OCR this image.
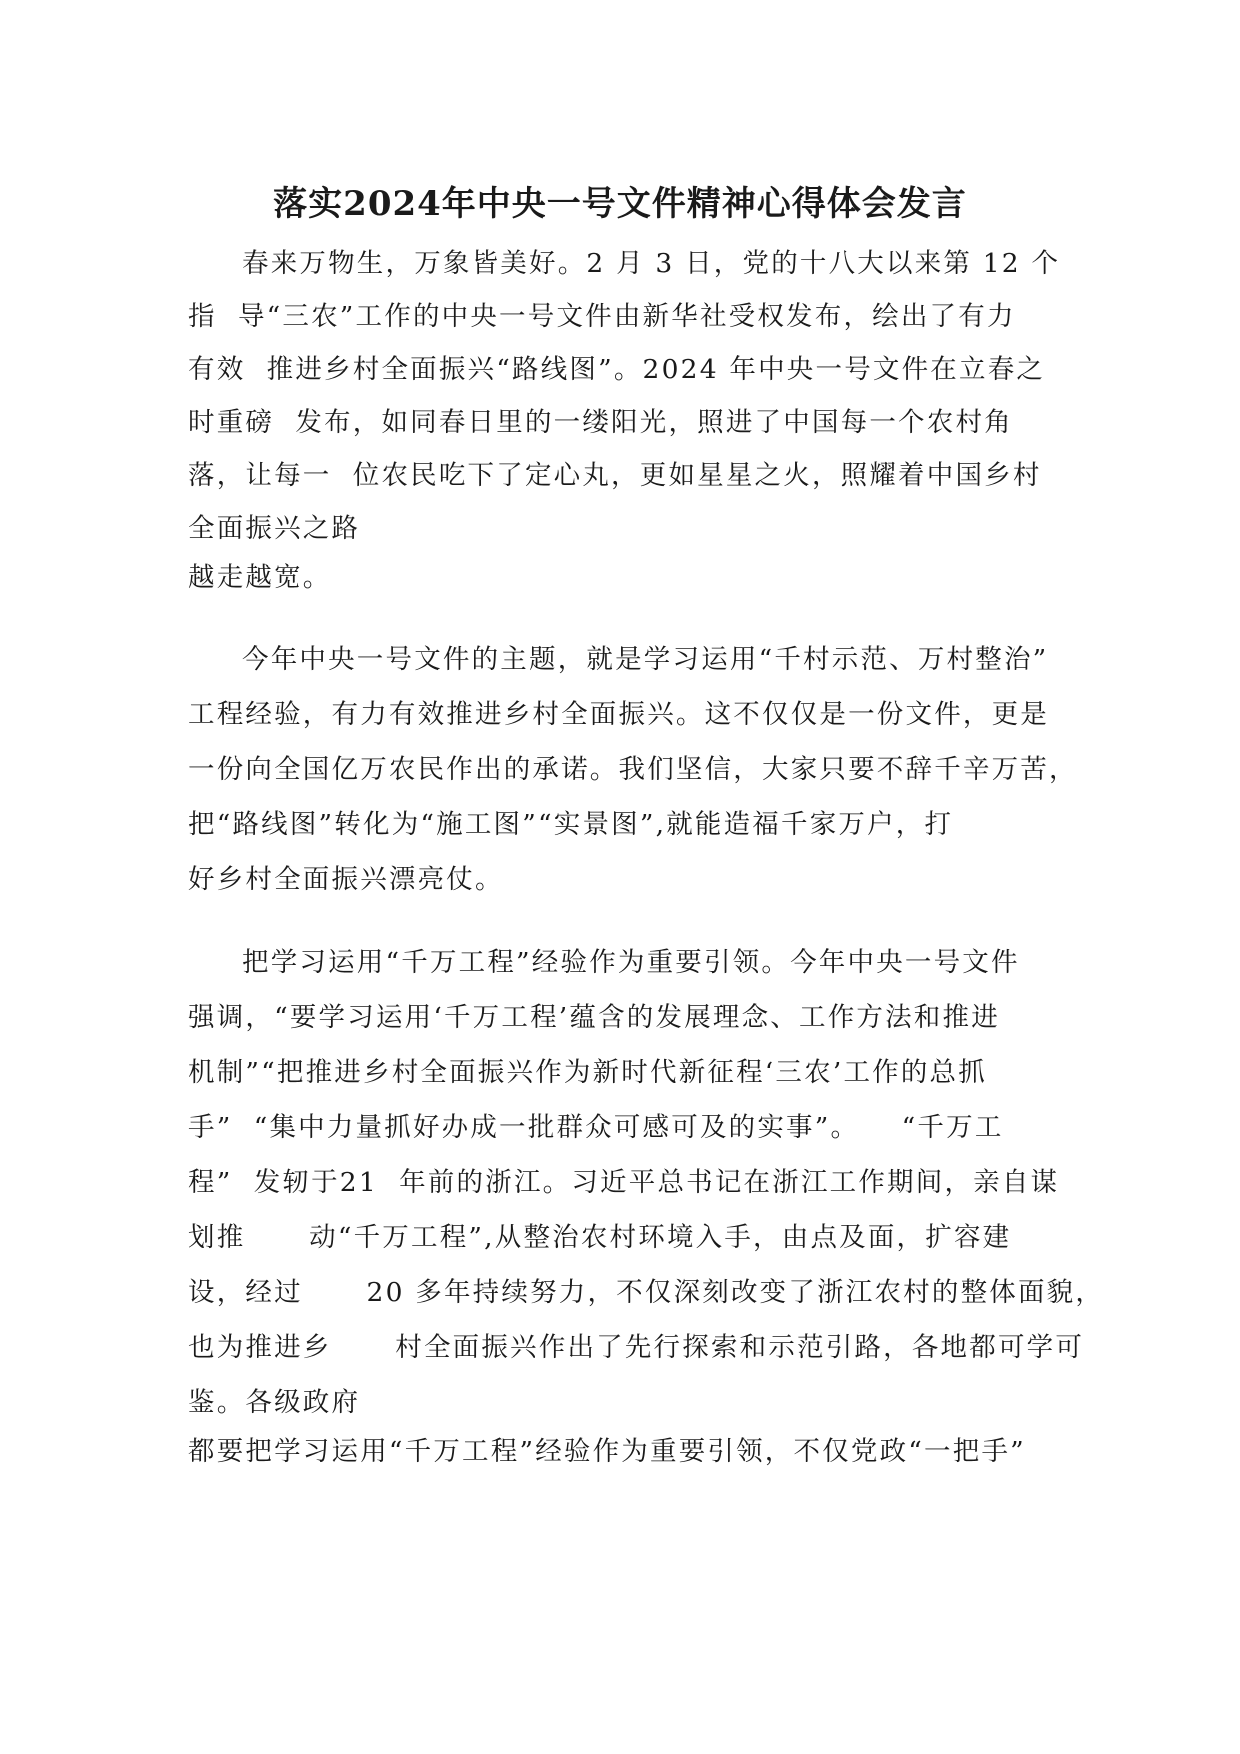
落实2024年中央一号文件精神心得体会发言

春来万物生，万象皆美好。2 月 3 日，党的十八大以来第 12 个

指  导“三农”工作的中央一号文件由新华社受权发布，绘出了有力

有效  推进乡村全面振兴“路线图”。2024 年中央一号文件在立春之

时重磅  发布，如同春日里的一缕阳光，照进了中国每一个农村角

落，让每一  位农民吃下了定心丸，更如星星之火，照耀着中国乡村

全面振兴之路

越走越宽。

今年中央一号文件的主题，就是学习运用“千村示范、万村整治”

工程经验，有力有效推进乡村全面振兴。这不仅仅是一份文件，更是

一份向全国亿万农民作出的承诺。我们坚信，大家只要不辞千辛万苦，

把“路线图”转化为“施工图”“实景图”,就能造福千家万户，打

好乡村全面振兴漂亮仗。

把学习运用“千万工程”经验作为重要引领。今年中央一号文件

强调，“要学习运用‘千万工程’蕴含的发展理念、工作方法和推进

机制”“把推进乡村全面振兴作为新时代新征程‘三农’工作的总抓

手”  “集中力量抓好办成一批群众可感可及的实事”。    “千万工

程”  发轫于21  年前的浙江。习近平总书记在浙江工作期间，亲自谋

划推      动“千万工程”,从整治农村环境入手，由点及面，扩容建

设，经过      20 多年持续努力，不仅深刻改变了浙江农村的整体面貌，

也为推进乡      村全面振兴作出了先行探索和示范引路，各地都可学可

鉴。各级政府

都要把学习运用“千万工程”经验作为重要引领，不仅党政“一把手”
